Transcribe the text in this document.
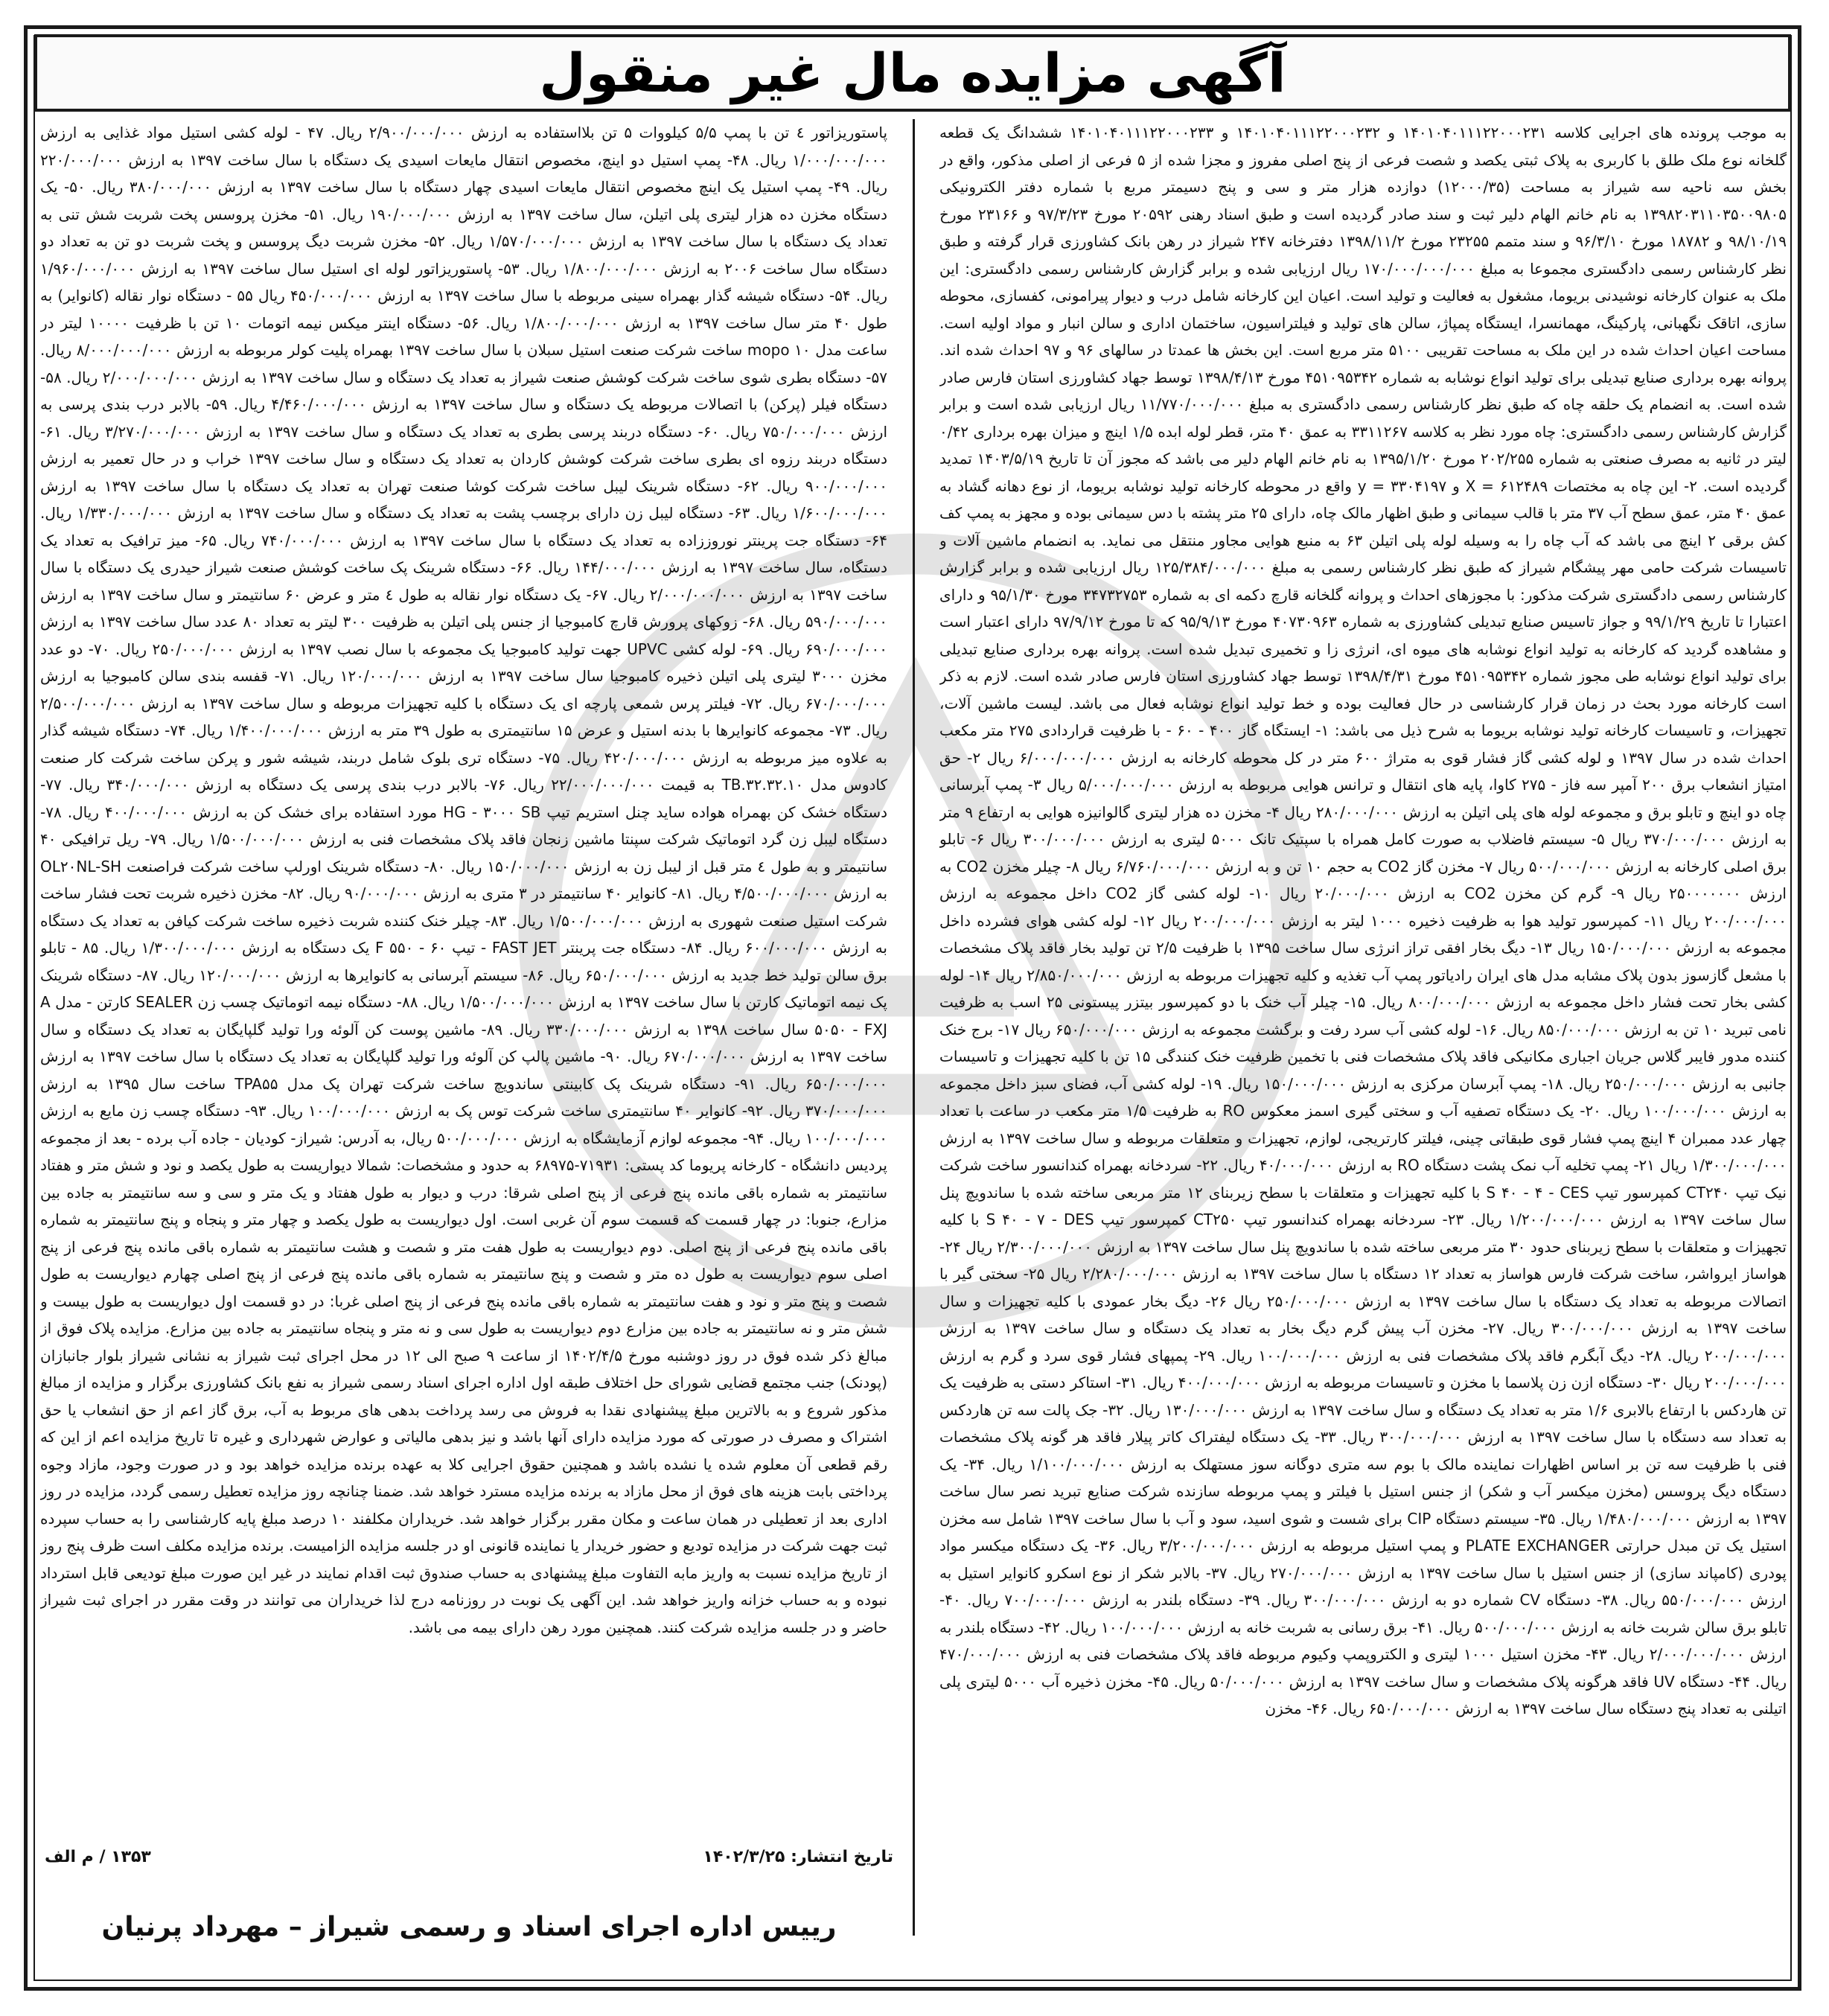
آگهی مزایده مال غیر منقول

به موجب پرونده های اجرایی کلاسه ۱۴۰۱۰۴۰۱۱۱۲۲۰۰۰۲۳۱ و ۱۴۰۱۰۴۰۱۱۱۲۲۰۰۰۲۳۲ و ۱۴۰۱۰۴۰۱۱۱۲۲۰۰۰۲۳۳ ششدانگ یک قطعه گلخانه نوع ملک طلق با کاربری به پلاک ثبتی یکصد و شصت فرعی از پنج اصلی مفروز و مجزا شده از ۵ فرعی از اصلی مذکور، واقع در بخش سه ناحیه سه شیراز به مساحت (۱۲۰۰۰/۳۵) دوازده هزار متر و سی و پنج دسیمتر مربع با شماره دفتر الکترونیکی ۱۳۹۸۲۰۳۱۱۰۳۵۰۰۹۸۰۵ به نام خانم الهام دلیر ثبت و سند صادر گردیده است و طبق اسناد رهنی ۲۰۵۹۲ مورخ ۹۷/۳/۲۳ و ۲۳۱۶۶ مورخ ۹۸/۱۰/۱۹ و ۱۸۷۸۲ مورخ ۹۶/۳/۱۰ و سند متمم ۲۳۲۵۵ مورخ ۱۳۹۸/۱۱/۲ دفترخانه ۲۴۷ شیراز در رهن بانک کشاورزی قرار گرفته و طبق نظر کارشناس رسمی دادگستری مجموعا به مبلغ ۱۷۰/۰۰۰/۰۰۰/۰۰۰ ریال ارزیابی شده و برابر گزارش کارشناس رسمی دادگستری: این ملک به عنوان کارخانه نوشیدنی بریوما، مشغول به فعالیت و تولید است. اعیان این کارخانه شامل درب و دیوار پیرامونی، کفسازی، محوطه سازی، اتاقک نگهبانی، پارکینگ، مهمانسرا، ایستگاه پمپاژ، سالن های تولید و فیلتراسیون، ساختمان اداری و سالن انبار و مواد اولیه است. مساحت اعیان احداث شده در این ملک به مساحت تقریبی ۵۱۰۰ متر مربع است. این بخش ها عمدتا در سالهای ۹۶ و ۹۷ احداث شده اند. پروانه بهره برداری صنایع تبدیلی برای تولید انواع نوشابه به شماره ۴۵۱۰۹۵۳۴۲ مورخ ۱۳۹۸/۴/۱۳ توسط جهاد کشاورزی استان فارس صادر شده است. به انضمام یک حلقه چاه که طبق نظر کارشناس رسمی دادگستری به مبلغ ۱۱/۷۷۰/۰۰۰/۰۰۰ ریال ارزیابی شده است و برابر گزارش کارشناس رسمی دادگستری: چاه مورد نظر به کلاسه ۳۳۱۱۲۶۷ به عمق ۴۰ متر، قطر لوله ابده ۱/۵ اینچ و میزان بهره برداری ۰/۴۲ لیتر در ثانیه به مصرف صنعتی به شماره ۲۰۲/۲۵۵ مورخ ۱۳۹۵/۱/۲۰ به نام خانم الهام دلیر می باشد که مجوز آن تا تاریخ ۱۴۰۳/۵/۱۹ تمدید گردیده است. ۲- این چاه به مختصات X = ۶۱۲۴۸۹ و ۳۳۰۴۱۹۷ = y واقع در محوطه کارخانه تولید نوشابه بریوما، از نوع دهانه گشاد به عمق ۴۰ متر، عمق سطح آب ۳۷ متر با قالب سیمانی و طبق اظهار مالک چاه، دارای ۲۵ متر پشته با دس سیمانی بوده و مجهز به پمپ کف کش برقی ۲ اینچ می باشد که آب چاه را به وسیله لوله پلی اتیلن ۶۳ به منبع هوایی مجاور منتقل می نماید. به انضمام ماشین آلات و تاسیسات شرکت حامی مهر پیشگام شیراز که طبق نظر کارشناس رسمی به مبلغ ۱۲۵/۳۸۴/۰۰۰/۰۰۰ ریال ارزیابی شده و برابر گزارش کارشناس رسمی دادگستری شرکت مذکور: با مجوزهای احداث و پروانه گلخانه قارچ دکمه ای به شماره ۳۴۷۳۲۷۵۳ مورخ ۹۵/۱/۳۰ و دارای اعتبارا تا تاریخ ۹۹/۱/۲۹ و جواز تاسیس صنایع تبدیلی کشاورزی به شماره ۴۰۷۳۰۹۶۳ مورخ ۹۵/۹/۱۳ که تا مورخ ۹۷/۹/۱۲ دارای اعتبار است و مشاهده گردید که کارخانه به تولید انواع نوشابه های میوه ای، انرژی زا و تخمیری تبدیل شده است. پروانه بهره برداری صنایع تبدیلی برای تولید انواع نوشابه طی مجوز شماره ۴۵۱۰۹۵۳۴۲ مورخ ۱۳۹۸/۴/۳۱ توسط جهاد کشاورزی استان فارس صادر شده است. لازم به ذکر است کارخانه مورد بحث در زمان قرار کارشناسی در حال فعالیت بوده و خط تولید انواع نوشابه فعال می باشد. لیست ماشین آلات، تجهیزات، و تاسیسات کارخانه تولید نوشابه بریوما به شرح ذیل می باشد: ۱- ایستگاه گاز ۴۰۰ - ۶۰ - با ظرفیت قراردادی ۲۷۵ متر مکعب احداث شده در سال ۱۳۹۷ و لوله کشی گاز فشار قوی به متراژ ۶۰۰ متر در کل محوطه کارخانه به ارزش ۶/۰۰۰/۰۰۰/۰۰۰ ریال ۲- حق امتیاز انشعاب برق ۲۰۰ آمپر سه فاز - ۲۷۵ کاوا، پایه های انتقال و ترانس هوایی مربوطه به ارزش ۵/۰۰۰/۰۰۰/۰۰۰ ریال ۳- پمپ آبرسانی چاه دو اینچ و تابلو برق و مجموعه لوله های پلی اتیلن به ارزش ۲۸۰/۰۰۰/۰۰۰ ریال ۴- مخزن ده هزار لیتری گالوانیزه هوایی به ارتفاع ۹ متر به ارزش ۳۷۰/۰۰۰/۰۰۰ ریال ۵- سیستم فاضلاب به صورت کامل همراه با سپتیک تانک ۵۰۰۰ لیتری به ارزش ۳۰۰/۰۰۰/۰۰۰ ریال ۶- تابلو برق اصلی کارخانه به ارزش ۵۰۰/۰۰۰/۰۰۰ ریال ۷- مخزن گاز CO2 به حجم ۱۰ تن و به ارزش ۶/۷۶۰/۰۰۰/۰۰۰ ریال ۸- چیلر مخزن CO2 به ارزش ۲۵۰۰۰۰۰۰۰ ریال ۹- گرم کن مخزن CO2 به ارزش ۲۰/۰۰۰/۰۰۰ ریال ۱۰- لوله کشی گاز CO2 داخل مجموعه به ارزش ۲۰۰/۰۰۰/۰۰۰ ریال ۱۱- کمپرسور تولید هوا به ظرفیت ذخیره ۱۰۰۰ لیتر به ارزش ۲۰۰/۰۰۰/۰۰۰ ریال ۱۲- لوله کشی هوای فشرده داخل مجموعه به ارزش ۱۵۰/۰۰۰/۰۰۰ ریال ۱۳- دیگ بخار افقی تراز انرژی سال ساخت ۱۳۹۵ با ظرفیت ۲/۵ تن تولید بخار فاقد پلاک مشخصات با مشعل گازسوز بدون پلاک مشابه مدل های ایران رادیاتور پمپ آب تغذیه و کلیه تجهیزات مربوطه به ارزش ۲/۸۵۰/۰۰۰/۰۰۰ ریال ۱۴- لوله کشی بخار تحت فشار داخل مجموعه به ارزش ۸۰۰/۰۰۰/۰۰۰ ریال. ۱۵- چیلر آب خنک با دو کمپرسور بیتزر پیستونی ۲۵ اسب به ظرفیت نامی تبرید ۱۰ تن به ارزش ۸۵۰/۰۰۰/۰۰۰ ریال. ۱۶- لوله کشی آب سرد رفت و برگشت مجموعه به ارزش ۶۵۰/۰۰۰/۰۰۰ ریال ۱۷- برج خنک کننده مدور فایبر گلاس جریان اجباری مکانیکی فاقد پلاک مشخصات فنی با تخمین ظرفیت خنک کنندگی ۱۵ تن با کلیه تجهیزات و تاسیسات جانبی به ارزش ۲۵۰/۰۰۰/۰۰۰ ریال. ۱۸- پمپ آبرسان مرکزی به ارزش ۱۵۰/۰۰۰/۰۰۰ ریال. ۱۹- لوله کشی آب، فضای سبز داخل مجموعه به ارزش ۱۰۰/۰۰۰/۰۰۰ ریال. ۲۰- یک دستگاه تصفیه آب و سختی گیری اسمز معکوس RO به ظرفیت ۱/۵ متر مکعب در ساعت با تعداد چهار عدد ممبران ۴ اینچ پمپ فشار قوی طبقاتی چینی، فیلتر کارتریجی، لوازم، تجهیزات و متعلقات مربوطه و سال ساخت ۱۳۹۷ به ارزش ۱/۳۰۰/۰۰۰/۰۰۰ ریال ۲۱- پمپ تخلیه آب نمک پشت دستگاه RO به ارزش ۴۰/۰۰۰/۰۰۰ ریال. ۲۲- سردخانه بهمراه کندانسور ساخت شرکت نیک تیپ CT۲۴۰ کمپرسور تیپ S ۴۰ - ۴ - CES با کلیه تجهیزات و متعلقات با سطح زیربنای ۱۲ متر مربعی ساخته شده با ساندویچ پنل سال ساخت ۱۳۹۷ به ارزش ۱/۲۰۰/۰۰۰/۰۰۰ ریال. ۲۳- سردخانه بهمراه کندانسور تیپ CT۲۵۰ کمپرسور تیپ S ۴۰ - ۷ - DES با کلیه تجهیزات و متعلقات با سطح زیربنای حدود ۳۰ متر مربعی ساخته شده با ساندویچ پنل سال ساخت ۱۳۹۷ به ارزش ۲/۳۰۰/۰۰۰/۰۰۰ ریال ۲۴- هواساز ایرواشر، ساخت شرکت فارس هواساز به تعداد ۱۲ دستگاه با سال ساخت ۱۳۹۷ به ارزش ۲/۲۸۰/۰۰۰/۰۰۰ ریال ۲۵- سختی گیر با اتصالات مربوطه به تعداد یک دستگاه با سال ساخت ۱۳۹۷ به ارزش ۲۵۰/۰۰۰/۰۰۰ ریال ۲۶- دیگ بخار عمودی با کلیه تجهیزات و سال ساخت ۱۳۹۷ به ارزش ۳۰۰/۰۰۰/۰۰۰ ریال. ۲۷- مخزن آب پیش گرم دیگ بخار به تعداد یک دستگاه و سال ساخت ۱۳۹۷ به ارزش ۲۰۰/۰۰۰/۰۰۰ ریال. ۲۸- دیگ آبگرم فاقد پلاک مشخصات فنی به ارزش ۱۰۰/۰۰۰/۰۰۰ ریال. ۲۹- پمپهای فشار قوی سرد و گرم به ارزش ۲۰۰/۰۰۰/۰۰۰ ریال ۳۰- دستگاه ازن زن پلاسما با مخزن و تاسیسات مربوطه به ارزش ۴۰۰/۰۰۰/۰۰۰ ریال. ۳۱- استاکر دستی به ظرفیت یک تن هاردکس با ارتفاع بالابری ۱/۶ متر به تعداد یک دستگاه و سال ساخت ۱۳۹۷ به ارزش ۱۳۰/۰۰۰/۰۰۰ ریال. ۳۲- جک پالت سه تن هاردکس به تعداد سه دستگاه با سال ساخت ۱۳۹۷ به ارزش ۳۰۰/۰۰۰/۰۰۰ ریال. ۳۳- یک دستگاه لیفتراک کاتر پیلار فاقد هر گونه پلاک مشخصات فنی با ظرفیت سه تن بر اساس اظهارات نماینده مالک با بوم سه متری دوگانه سوز مستهلک به ارزش ۱/۱۰۰/۰۰۰/۰۰۰ ریال. ۳۴- یک دستگاه دیگ پروسس (مخزن میکسر آب و شکر) از جنس استیل با فیلتر و پمپ مربوطه سازنده شرکت صنایع تبرید نصر سال ساخت ۱۳۹۷ به ارزش ۱/۴۸۰/۰۰۰/۰۰۰ ریال. ۳۵- سیستم دستگاه CIP برای شست و شوی اسید، سود و آب با سال ساخت ۱۳۹۷ شامل سه مخزن استیل یک تن مبدل حرارتی PLATE EXCHANGER و پمپ استیل مربوطه به ارزش ۳/۲۰۰/۰۰۰/۰۰۰ ریال. ۳۶- یک دستگاه میکسر مواد پودری (کامپاند سازی) از جنس استیل با سال ساخت ۱۳۹۷ به ارزش ۲۷۰/۰۰۰/۰۰۰ ریال. ۳۷- بالابر شکر از نوع اسکرو کانوایر استیل به ارزش ۵۵۰/۰۰۰/۰۰۰ ریال. ۳۸- دستگاه CV شماره دو به ارزش ۳۰۰/۰۰۰/۰۰۰ ریال. ۳۹- دستگاه بلندر به ارزش ۷۰۰/۰۰۰/۰۰۰ ریال. ۴۰- تابلو برق سالن شربت خانه به ارزش ۵۰۰/۰۰۰/۰۰۰ ریال. ۴۱- برق رسانی به شربت خانه به ارزش ۱۰۰/۰۰۰/۰۰۰ ریال. ۴۲- دستگاه بلندر به ارزش ۲/۰۰۰/۰۰۰/۰۰۰ ریال. ۴۳- مخزن استیل ۱۰۰۰ لیتری و الکتروپمپ وکیوم مربوطه فاقد پلاک مشخصات فنی به ارزش ۴۷۰/۰۰۰/۰۰۰ ریال. ۴۴- دستگاه UV فاقد هرگونه پلاک مشخصات و سال ساخت ۱۳۹۷ به ارزش ۵۰/۰۰۰/۰۰۰ ریال. ۴۵- مخزن ذخیره آب ۵۰۰۰ لیتری پلی اتیلنی به تعداد پنج دستگاه سال ساخت ۱۳۹۷ به ارزش ۶۵۰/۰۰۰/۰۰۰ ریال. ۴۶- مخزن

پاستوریزاتور ٤ تن با پمپ ۵/۵ کیلووات ۵ تن بلااستفاده به ارزش ۲/۹۰۰/۰۰۰/۰۰۰ ریال. ۴۷ - لوله کشی استیل مواد غذایی به ارزش ۱/۰۰۰/۰۰۰/۰۰۰ ریال. ۴۸- پمپ استیل دو اینچ، مخصوص انتقال مایعات اسیدی یک دستگاه با سال ساخت ۱۳۹۷ به ارزش ۲۲۰/۰۰۰/۰۰۰ ریال. ۴۹- پمپ استیل یک اینچ مخصوص انتقال مایعات اسیدی چهار دستگاه با سال ساخت ۱۳۹۷ به ارزش ۳۸۰/۰۰۰/۰۰۰ ریال. ۵۰- یک دستگاه مخزن ده هزار لیتری پلی اتیلن، سال ساخت ۱۳۹۷ به ارزش ۱۹۰/۰۰۰/۰۰۰ ریال. ۵۱- مخزن پروسس پخت شربت شش تنی به تعداد یک دستگاه با سال ساخت ۱۳۹۷ به ارزش ۱/۵۷۰/۰۰۰/۰۰۰ ریال. ۵۲- مخزن شربت دیگ پروسس و پخت شربت دو تن به تعداد دو دستگاه سال ساخت ۲۰۰۶ به ارزش ۱/۸۰۰/۰۰۰/۰۰۰ ریال. ۵۳- پاستوریزاتور لوله ای استیل سال ساخت ۱۳۹۷ به ارزش ۱/۹۶۰/۰۰۰/۰۰۰ ریال. ۵۴- دستگاه شیشه گذار بهمراه سینی مربوطه با سال ساخت ۱۳۹۷ به ارزش ۴۵۰/۰۰۰/۰۰۰ ریال ۵۵ - دستگاه نوار نقاله (کانوایر) به طول ۴۰ متر سال ساخت ۱۳۹۷ به ارزش ۱/۸۰۰/۰۰۰/۰۰۰ ریال. ۵۶- دستگاه اینتر میکس نیمه اتومات ۱۰ تن با ظرفیت ۱۰۰۰۰ لیتر در ساعت مدل mopo ۱۰ ساخت شرکت صنعت استیل سبلان با سال ساخت ۱۳۹۷ بهمراه پلیت کولر مربوطه به ارزش ۸/۰۰۰/۰۰۰/۰۰۰ ریال. ۵۷- دستگاه بطری شوی ساخت شرکت کوشش صنعت شیراز به تعداد یک دستگاه و سال ساخت ۱۳۹۷ به ارزش ۲/۰۰۰/۰۰۰/۰۰۰ ریال. ۵۸- دستگاه فیلر (پرکن) با اتصالات مربوطه یک دستگاه و سال ساخت ۱۳۹۷ به ارزش ۴/۴۶۰/۰۰۰/۰۰۰ ریال. ۵۹- بالابر درب بندی پرسی به ارزش ۷۵۰/۰۰۰/۰۰۰ ریال. ۶۰- دستگاه دربند پرسی بطری به تعداد یک دستگاه و سال ساخت ۱۳۹۷ به ارزش ۳/۲۷۰/۰۰۰/۰۰۰ ریال. ۶۱- دستگاه دربند رزوه ای بطری ساخت شرکت کوشش کاردان به تعداد یک دستگاه و سال ساخت ۱۳۹۷ خراب و در حال تعمیر به ارزش ۹۰۰/۰۰۰/۰۰۰ ریال. ۶۲- دستگاه شرینک لیبل ساخت شرکت کوشا صنعت تهران به تعداد یک دستگاه با سال ساخت ۱۳۹۷ به ارزش ۱/۶۰۰/۰۰۰/۰۰۰ ریال. ۶۳- دستگاه لیبل زن دارای برچسب پشت به تعداد یک دستگاه و سال ساخت ۱۳۹۷ به ارزش ۱/۳۳۰/۰۰۰/۰۰۰ ریال. ۶۴- دستگاه جت پرینتر نوروززاده به تعداد یک دستگاه با سال ساخت ۱۳۹۷ به ارزش ۷۴۰/۰۰۰/۰۰۰ ریال. ۶۵- میز ترافیک به تعداد یک دستگاه، سال ساخت ۱۳۹۷ به ارزش ۱۴۴/۰۰۰/۰۰۰ ریال. ۶۶- دستگاه شرینک پک ساخت کوشش صنعت شیراز حیدری یک دستگاه با سال ساخت ۱۳۹۷ به ارزش ۲/۰۰۰/۰۰۰/۰۰۰ ریال. ۶۷- یک دستگاه نوار نقاله به طول ٤ متر و عرض ۶۰ سانتیمتر و سال ساخت ۱۳۹۷ به ارزش ۵۹۰/۰۰۰/۰۰۰ ریال. ۶۸- زوکهای پرورش قارچ کامبوجیا از جنس پلی اتیلن به ظرفیت ۳۰۰ لیتر به تعداد ۸۰ عدد سال ساخت ۱۳۹۷ به ارزش ۶۹۰/۰۰۰/۰۰۰ ریال. ۶۹- لوله کشی UPVC جهت تولید کامبوجیا یک مجموعه با سال نصب ۱۳۹۷ به ارزش ۲۵۰/۰۰۰/۰۰۰ ریال. ۷۰- دو عدد مخزن ۳۰۰۰ لیتری پلی اتیلن ذخیره کامبوجیا سال ساخت ۱۳۹۷ به ارزش ۱۲۰/۰۰۰/۰۰۰ ریال. ۷۱- قفسه بندی سالن کامبوجیا به ارزش ۶۷۰/۰۰۰/۰۰۰ ریال. ۷۲- فیلتر پرس شمعی پارچه ای یک دستگاه با کلیه تجهیزات مربوطه و سال ساخت ۱۳۹۷ به ارزش ۲/۵۰۰/۰۰۰/۰۰۰ ریال. ۷۳- مجموعه کانوایرها با بدنه استیل و عرض ۱۵ سانتیمتری به طول ۳۹ متر به ارزش ۱/۴۰۰/۰۰۰/۰۰۰ ریال. ۷۴- دستگاه شیشه گذار به علاوه میز مربوطه به ارزش ۴۲۰/۰۰۰/۰۰۰ ریال. ۷۵- دستگاه تری بلوک شامل دربند، شیشه شور و پرکن ساخت شرکت کار صنعت کادوس مدل TB.۳۲.۳۲.۱۰ به قیمت ۲۲/۰۰۰/۰۰۰/۰۰۰ ریال. ۷۶- بالابر درب بندی پرسی یک دستگاه به ارزش ۳۴۰/۰۰۰/۰۰۰ ریال. ۷۷- دستگاه خشک کن بهمراه هواده ساید چنل استریم تیپ HG - ۳۰۰۰ SB مورد استفاده برای خشک کن به ارزش ۴۰۰/۰۰۰/۰۰۰ ریال. ۷۸- دستگاه لیبل زن گرد اتوماتیک شرکت سپنتا ماشین زنجان فاقد پلاک مشخصات فنی به ارزش ۱/۵۰۰/۰۰۰/۰۰۰ ریال. ۷۹- ریل ترافیکی ۴۰ سانتیمتر و به طول ٤ متر قبل از لیبل زن به ارزش ۱۵۰/۰۰۰/۰۰۰ ریال. ۸۰- دستگاه شرینک اورلپ ساخت شرکت فراصنعت OL۲۰NL-SH به ارزش ۴/۵۰۰/۰۰۰/۰۰۰ ریال. ۸۱- کانوایر ۴۰ سانتیمتر در ۳ متری به ارزش ۹۰/۰۰۰/۰۰۰ ریال. ۸۲- مخزن ذخیره شربت تحت فشار ساخت شرکت استیل صنعت شهوری به ارزش ۱/۵۰۰/۰۰۰/۰۰۰ ریال. ۸۳- چیلر خنک کننده شربت ذخیره ساخت شرکت کیافن به تعداد یک دستگاه به ارزش ۶۰۰/۰۰۰/۰۰۰ ریال. ۸۴- دستگاه جت پرینتر FAST JET - تیپ ۶۰ - ۵۵۰ F یک دستگاه به ارزش ۱/۳۰۰/۰۰۰/۰۰۰ ریال. ۸۵ - تابلو برق سالن تولید خط جدید به ارزش ۶۵۰/۰۰۰/۰۰۰ ریال. ۸۶- سیستم آبرسانی به کانوایرها به ارزش ۱۲۰/۰۰۰/۰۰۰ ریال. ۸۷- دستگاه شرینک پک نیمه اتوماتیک کارتن با سال ساخت ۱۳۹۷ به ارزش ۱/۵۰۰/۰۰۰/۰۰۰ ریال. ۸۸- دستگاه نیمه اتوماتیک چسب زن SEALER کارتن - مدل A ۵۰۵۰ - FXJ سال ساخت ۱۳۹۸ به ارزش ۳۳۰/۰۰۰/۰۰۰ ریال. ۸۹- ماشین پوست کن آلوئه ورا تولید گلپایگان به تعداد یک دستگاه و سال ساخت ۱۳۹۷ به ارزش ۶۷۰/۰۰۰/۰۰۰ ریال. ۹۰- ماشین پالپ کن آلوئه ورا تولید گلپایگان به تعداد یک دستگاه با سال ساخت ۱۳۹۷ به ارزش ۶۵۰/۰۰۰/۰۰۰ ریال. ۹۱- دستگاه شرینک پک کابینتی ساندویچ ساخت شرکت تهران پک مدل TPA۵۵ ساخت سال ۱۳۹۵ به ارزش ۳۷۰/۰۰۰/۰۰۰ ریال. ۹۲- کانوایر ۴۰ سانتیمتری ساخت شرکت توس پک به ارزش ۱۰۰/۰۰۰/۰۰۰ ریال. ۹۳- دستگاه چسب زن مایع به ارزش ۱۰۰/۰۰۰/۰۰۰ ریال. ۹۴- مجموعه لوازم آزمایشگاه به ارزش ۵۰۰/۰۰۰/۰۰۰ ریال، به آدرس: شیراز- کودیان - جاده آب برده - بعد از مجموعه پردیس دانشگاه - کارخانه پریوما کد پستی: ۷۱۹۳۱-۶۸۹۷۵ به حدود و مشخصات: شمالا دیواریست به طول یکصد و نود و شش متر و هفتاد سانتیمتر به شماره باقی مانده پنج فرعی از پنج اصلی شرقا: درب و دیوار به طول هفتاد و یک متر و سی و سه سانتیمتر به جاده بین مزارع، جنوبا: در چهار قسمت که قسمت سوم آن غربی است. اول دیواریست به طول یکصد و چهار متر و پنجاه و پنج سانتیمتر به شماره باقی مانده پنج فرعی از پنج اصلی. دوم دیواریست به طول هفت متر و شصت و هشت سانتیمتر به شماره باقی مانده پنج فرعی از پنج اصلی سوم دیواریست به طول ده متر و شصت و پنج سانتیمتر به شماره باقی مانده پنج فرعی از پنج اصلی چهارم دیواریست به طول شصت و پنج متر و نود و هفت سانتیمتر به شماره باقی مانده پنج فرعی از پنج اصلی غربا: در دو قسمت اول دیواریست به طول بیست و شش متر و نه سانتیمتر به جاده بین مزارع دوم دیواریست به طول سی و نه متر و پنجاه سانتیمتر به جاده بین مزارع. مزایده پلاک فوق از مبالغ ذکر شده فوق در روز دوشنبه مورخ ۱۴۰۲/۴/۵ از ساعت ۹ صبح الی ۱۲ در محل اجرای ثبت شیراز به نشانی شیراز بلوار جانبازان (پودنک) جنب مجتمع قضایی شورای حل اختلاف طبقه اول اداره اجرای اسناد رسمی شیراز به نفع بانک کشاورزی برگزار و مزایده از مبالغ مذکور شروع و به بالاترین مبلغ پیشنهادی نقدا به فروش می رسد پرداخت بدهی های مربوط به آب، برق گاز اعم از حق انشعاب یا حق اشتراک و مصرف در صورتی که مورد مزایده دارای آنها باشد و نیز بدهی مالیاتی و عوارض شهرداری و غیره تا تاریخ مزایده اعم از این که رقم قطعی آن معلوم شده یا نشده باشد و همچنین حقوق اجرایی کلا به عهده برنده مزایده خواهد بود و در صورت وجود، مازاد وجوه پرداختی بابت هزینه های فوق از محل مازاد به برنده مزایده مسترد خواهد شد. ضمنا چنانچه روز مزایده تعطیل رسمی گردد، مزایده در روز اداری بعد از تعطیلی در همان ساعت و مکان مقرر برگزار خواهد شد. خریداران مکلفند ۱۰ درصد مبلغ پایه کارشناسی را به حساب سپرده ثبت جهت شرکت در مزایده تودیع و حضور خریدار یا نماینده قانونی او در جلسه مزایده الزامیست. برنده مزایده مکلف است ظرف پنج روز از تاریخ مزایده نسبت به واریز مابه التفاوت مبلغ پیشنهادی به حساب صندوق ثبت اقدام نمایند در غیر این صورت مبلغ تودیعی قابل استرداد نبوده و به حساب خزانه واریز خواهد شد. این آگهی یک نوبت در روزنامه درج لذا خریداران می توانند در وقت مقرر در اجرای ثبت شیراز حاضر و در جلسه مزایده شرکت کنند. همچنین مورد رهن دارای بیمه می باشد.

تاریخ انتشار: ۱۴۰۲/۳/۲۵
۱۳۵۳ / م الف
رییس اداره اجرای اسناد و رسمی شیراز – مهرداد پرنیان
